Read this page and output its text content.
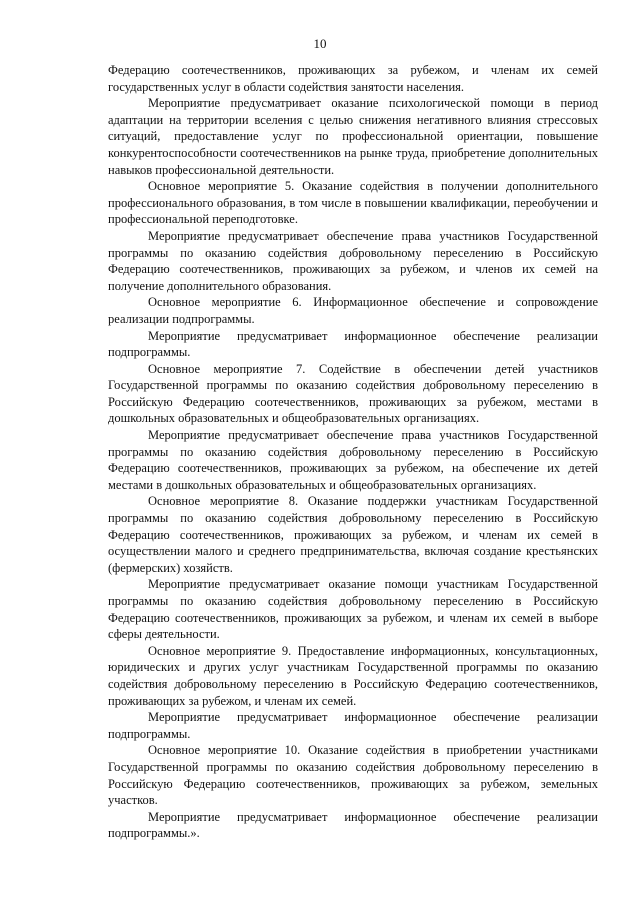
10

Федерацию соотечественников, проживающих за рубежом, и членам их семей государственных услуг в области содействия занятости населения.

Мероприятие предусматривает оказание психологической помощи в период адаптации на территории вселения с целью снижения негативного влияния стрессовых ситуаций, предоставление услуг по профессиональной ориентации, повышение конкурентоспособности соотечественников на рынке труда, приобретение дополнительных навыков профессиональной деятельности.

Основное мероприятие 5. Оказание содействия в получении дополнительного профессионального образования, в том числе в повышении квалификации, переобучении и профессиональной переподготовке.

Мероприятие предусматривает обеспечение права участников Государственной программы по оказанию содействия добровольному переселению в Российскую Федерацию соотечественников, проживающих за рубежом, и членов их семей на получение дополнительного образования.

Основное мероприятие 6. Информационное обеспечение и сопровождение реализации подпрограммы.

Мероприятие предусматривает информационное обеспечение реализации подпрограммы.

Основное мероприятие 7. Содействие в обеспечении детей участников Государственной программы по оказанию содействия добровольному переселению в Российскую Федерацию соотечественников, проживающих за рубежом, местами в дошкольных образовательных и общеобразовательных организациях.

Мероприятие предусматривает обеспечение права участников Государственной программы по оказанию содействия добровольному переселению в Российскую Федерацию соотечественников, проживающих за рубежом, на обеспечение их детей местами в дошкольных образовательных и общеобразовательных организациях.

Основное мероприятие 8. Оказание поддержки участникам Государственной программы по оказанию содействия добровольному переселению в Российскую Федерацию соотечественников, проживающих за рубежом, и членам их семей в осуществлении малого и среднего предпринимательства, включая создание крестьянских (фермерских) хозяйств.

Мероприятие предусматривает оказание помощи участникам Государственной программы по оказанию содействия добровольному переселению в Российскую Федерацию соотечественников, проживающих за рубежом, и членам их семей в выборе сферы деятельности.

Основное мероприятие 9. Предоставление информационных, консультационных, юридических и других услуг участникам Государственной программы по оказанию содействия добровольному переселению в Российскую Федерацию соотечественников, проживающих за рубежом, и членам их семей.

Мероприятие предусматривает информационное обеспечение реализации подпрограммы.

Основное мероприятие 10. Оказание содействия в приобретении участниками Государственной программы по оказанию содействия добровольному переселению в Российскую Федерацию соотечественников, проживающих за рубежом, земельных участков.

Мероприятие предусматривает информационное обеспечение реализации подпрограммы.».
